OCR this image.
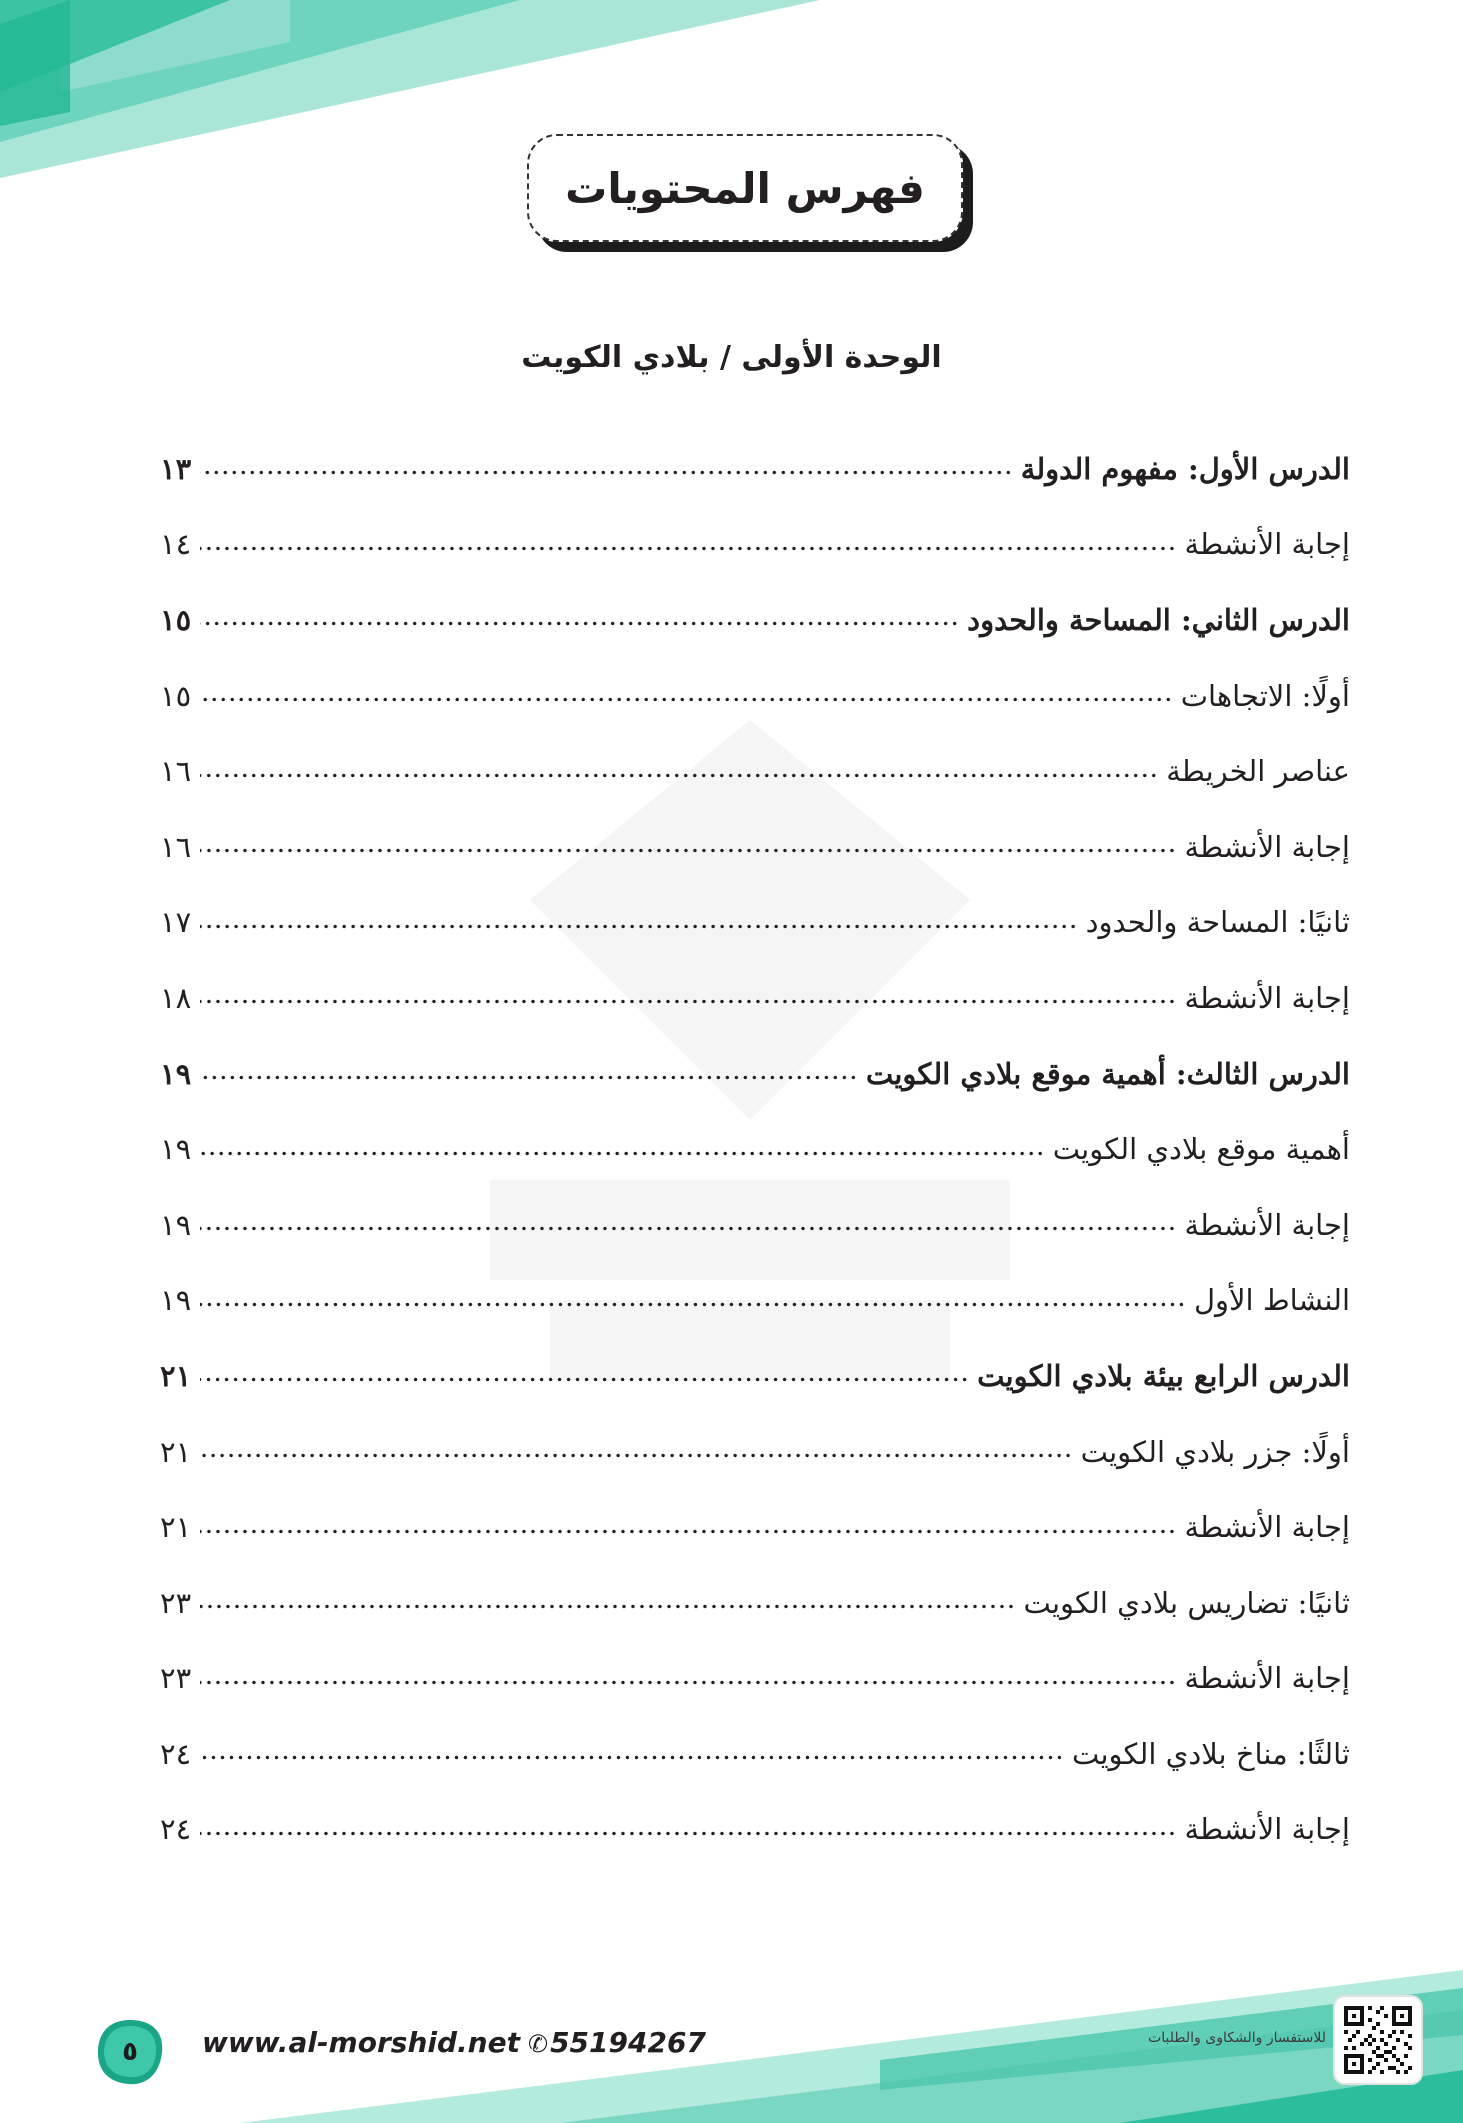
فهرس المحتويات
الوحدة الأولى / بلادي الكويت
الدرس الأول: مفهوم الدولة
١٣
إجابة الأنشطة
١٤
الدرس الثاني: المساحة والحدود
١٥
أولًا: الاتجاهات
١٥
عناصر الخريطة
١٦
إجابة الأنشطة
١٦
ثانيًا: المساحة والحدود
١٧
إجابة الأنشطة
١٨
الدرس الثالث: أهمية موقع بلادي الكويت
١٩
أهمية موقع بلادي الكويت
١٩
إجابة الأنشطة
١٩
النشاط الأول
١٩
الدرس الرابع بيئة بلادي الكويت
٢١
أولًا: جزر بلادي الكويت
٢١
إجابة الأنشطة
٢١
ثانيًا: تضاريس بلادي الكويت
٢٣
إجابة الأنشطة
٢٣
ثالثًا: مناخ بلادي الكويت
٢٤
إجابة الأنشطة
٢٤
٥	www.al-morshid.net ✆55194267	للاستفسار والشكاوى والطلبات
